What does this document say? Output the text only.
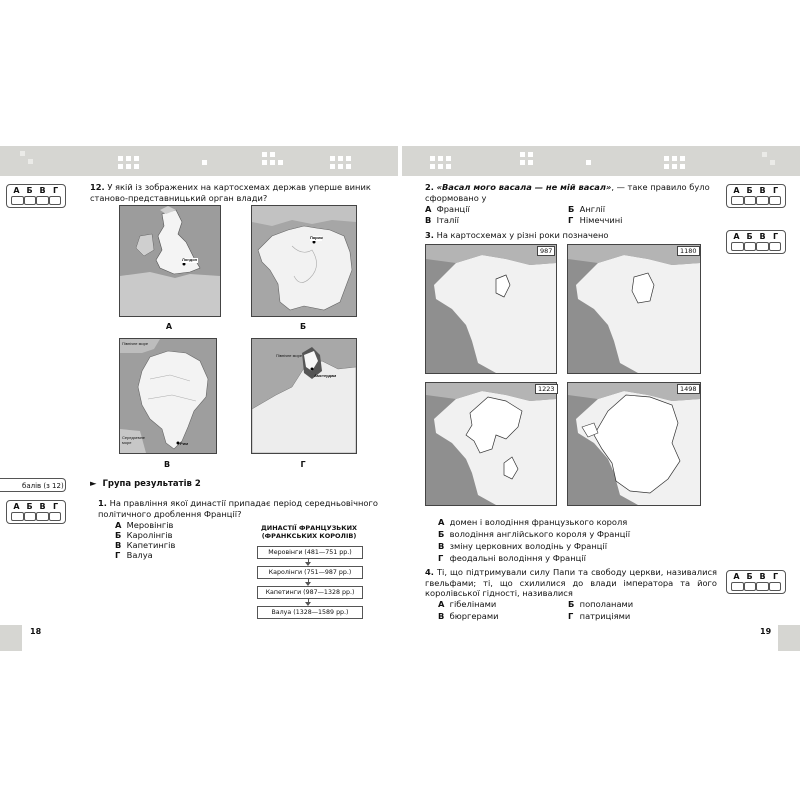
А Б В Г
А Б В Г
А Б В Г
А Б В Г
А Б В Г
12. У якій із зображених на картосхемах держав уперше виник станово-представницький орган влади?
Лондон
А
Париж
Б
Північне море
Середземне море	Рим
В
Північне море
Амстердам
Г
балів (з 12)	► Група результатів 2
1. На правління якої династії припадає період середньовічного політичного дроблення Франції?
А Меровінгів
Б Каролінгів
В Капетингів
Г Валуа
ДИНАСТІЇ ФРАНЦУЗЬКИХ
(ФРАНКСЬКИХ КОРОЛІВ)
Меровінги (481—751 рр.)
Каролінги (751—987 рр.)
Капетинги (987—1328 рр.)
Валуа (1328—1589 рр.)
18
2. «Васал мого васала — не мій васал», — таке правило було сформовано у
А Франції	Б Англії
В Італії	Г Німеччині
3. На картосхемах у різні роки позначено
987	1180
1223	1498
А домен і володіння французького короля
Б володіння англійського короля у Франції
В зміну церковних володінь у Франції
Г феодальні володіння у Франції
4. Ті, що підтримували силу Папи та свободу церкви, називалися гвельфами; ті, що схилилися до влади імператора та його королівської гідності, називалися
А гібелінами	Б пополанами
В бюргерами	Г патриціями
19
